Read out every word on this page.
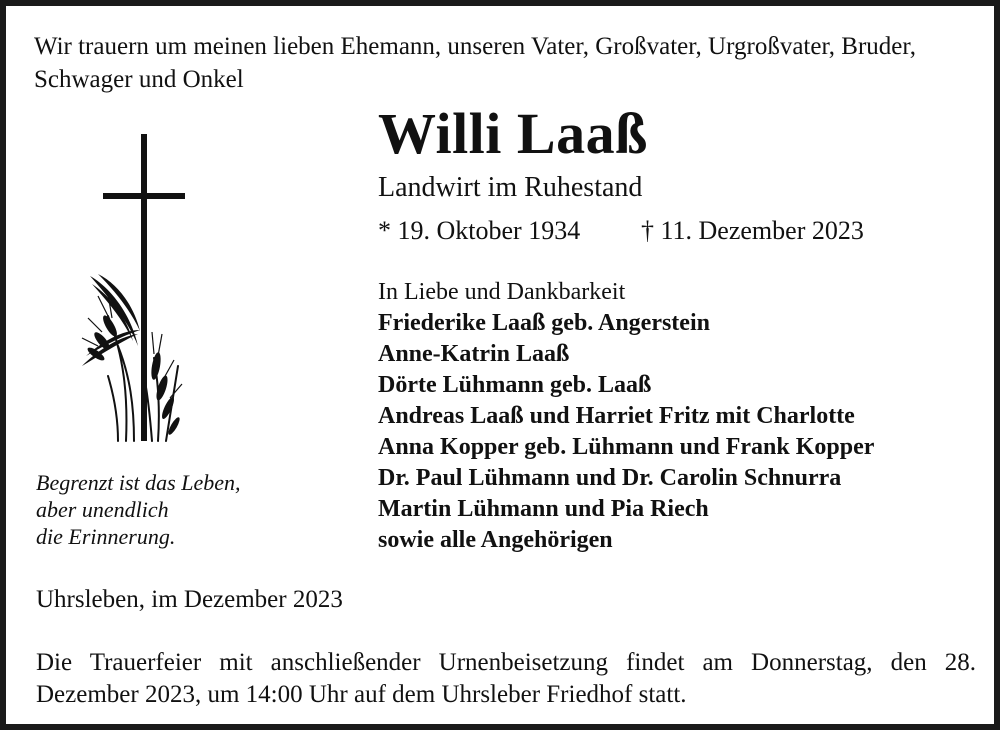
Wir trauern um meinen lieben Ehemann, unseren Vater, Großvater, Urgroßvater, Bruder, Schwager und Onkel
Willi Laaß
Landwirt im Ruhestand
* 19. Oktober 1934 † 11. Dezember 2023
In Liebe und Dankbarkeit
Friederike Laaß geb. Angerstein
Anne-Katrin Laaß
Dörte Lühmann geb. Laaß
Andreas Laaß und Harriet Fritz mit Charlotte
Anna Kopper geb. Lühmann und Frank Kopper
Dr. Paul Lühmann und Dr. Carolin Schnurra
Martin Lühmann und Pia Riech
sowie alle Angehörigen
Begrenzt ist das Leben,
aber unendlich
die Erinnerung.
Uhrsleben, im Dezember 2023
Die Trauerfeier mit anschließender Urnenbeisetzung findet am Donnerstag, den 28. Dezember 2023, um 14:00 Uhr auf dem Uhrsleber Friedhof statt.
